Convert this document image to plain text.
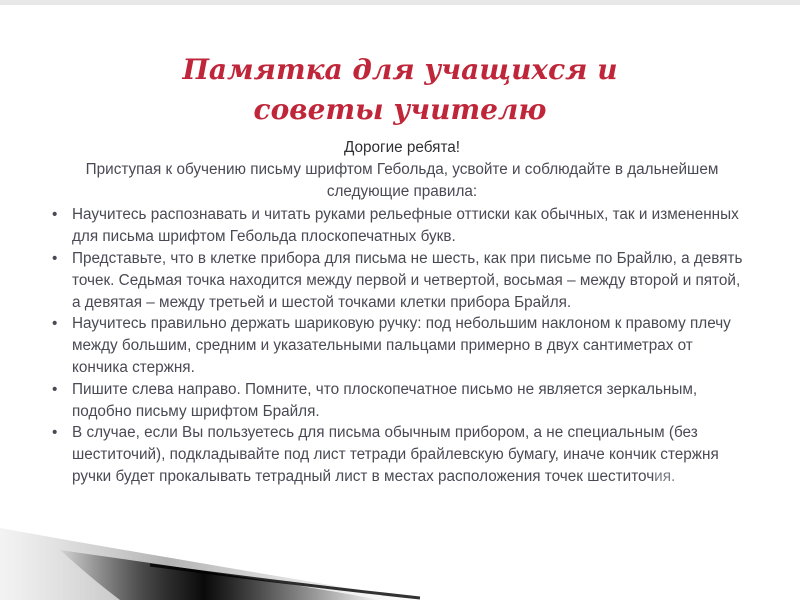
Памятка для учащихся и советы учителю
Дорогие ребята!
Приступая к обучению письму шрифтом Гебольда, усвойте и соблюдайте в дальнейшем следующие правила:
• Научитесь распознавать и читать руками рельефные оттиски как обычных, так и измененных для письма шрифтом Гебольда плоскопечатных букв.
• Представьте, что в клетке прибора для письма не шесть, как при письме по Брайлю, а девять точек. Седьмая точка находится между первой и четвертой, восьмая – между второй и пятой, а девятая – между третьей и шестой точками клетки прибора Брайля.
• Научитесь правильно держать шариковую ручку: под небольшим наклоном к правому плечу между большим, средним и указательными пальцами примерно в двух сантиметрах от кончика стержня.
• Пишите слева направо. Помните, что плоскопечатное письмо не является зеркальным, подобно письму шрифтом Брайля.
• В случае, если Вы пользуетесь для письма обычным прибором, а не специальным (без шеститочий), подкладывайте под лист тетради брайлевскую бумагу, иначе кончик стержня ручки будет прокалывать тетрадный лист в местах расположения точек шеститочия.
